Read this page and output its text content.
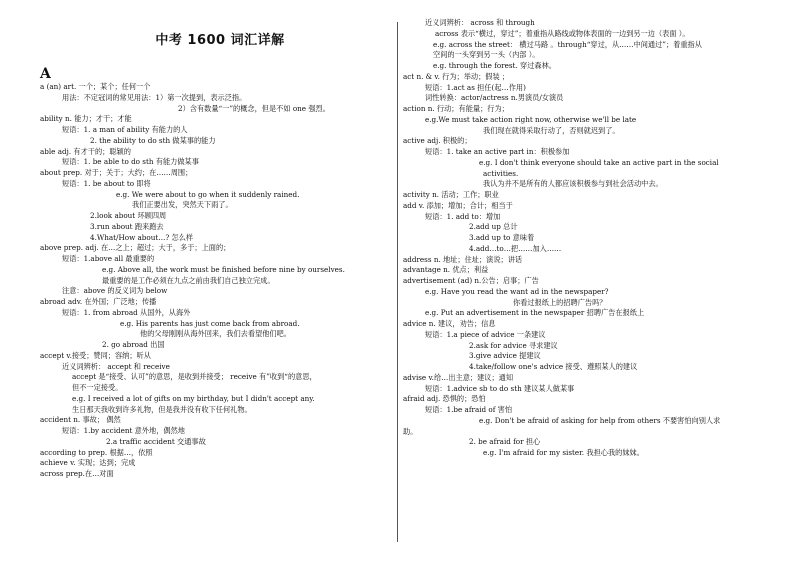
中考 1600 词汇详解
A
a (an) art. 一个；某个；任何一个
用法：不定冠词的常见用法：1）第一次提到，表示泛指。
2）含有数量“一”的概念，但是不如 one 强烈。
ability n. 能力；才干；才能
短语：1. a man of ability 有能力的人
2. the ability to do sth 做某事的能力
able adj. 有才干的；聪颖的
短语：1. be able to do sth 有能力做某事
about prep. 对于；关于；大约；在……周围；
短语：1. be about to 即将
e.g. We were about to go when it suddenly rained.
我们正要出发，突然天下雨了。
2.look about 环顾四周
3.run about 跑来跑去
4.What/How about…? 怎么样
above prep. adj. 在…之上；超过；大于，多于；上面的；
短语：1.above all 最重要的
e.g. Above all, the work must be finished before nine by ourselves.
最重要的是工作必须在九点之前由我们自己独立完成。
注意：above 的反义词为 below
abroad adv. 在外国；广泛地；传播
短语：1. from abroad 从国外，从海外
e.g. His parents has just come back from abroad.
他的父母刚刚从海外回来，我们去看望他们吧。
2. go abroad 出国
accept v.接受；赞同；容纳；听从
近义词辨析： accept 和 receive
accept 是“接受、认可”的意思，是收到并接受； receive 有”收到“的意思，
但不一定接受。
e.g. I received a lot of gifts on my birthday, but I didn't accept any.
生日那天我收到许多礼物，但是我并没有收下任何礼物。
accident n. 事故； 偶然
短语：1.by accident 意外地，偶然地
2.a traffic accident 交通事故
according to prep. 根据…，依照
achieve v. 实现；达到；完成
across prep.在…对面
近义词辨析： across 和 through
across 表示“横过，穿过”；着重指从路线或物体表面的一边到另一边（表面 ）。
e.g. across the street： 横过马路 。through“穿过，从……中间通过”；着重指从
空间的一头穿到另一头（内部 ）。
e.g. through the forest. 穿过森林。
act n. & v. 行为；举动；假装 ；
短语：1.act as 担任(起…作用)
词性转换：actor/actress n.男演员/女演员
action n. 行动；有能量；行为；
e.g.We must take action right now, otherwise we'll be late
我们现在就得采取行动了，否则就迟到了。
active adj. 积极的；
短语：1. take an active part in：积极参加
e.g. I don't think everyone should take an active part in the social
activities.
我认为并不是所有的人都应该积极参与到社会活动中去。
activity n. 活动；工作；职业
add v. 添加；增加；合计；相当于
短语：1. add to：增加
2.add up 总计
3.add up to 意味着
4.add…to…把……加入……
address n. 地址；住址；演说；讲话
advantage n. 优点；利益
advertisement (ad) n.公告；启事；广告
e.g. Have you read the want ad in the newspaper?
你看过报纸上的招聘广告吗？
e.g. Put an advertisement in the newspaper 招聘广告在报纸上
advice n. 建议，劝告；信息
短语：1.a piece of advice 一条建议
2.ask for advice 寻求建议
3.give advice 提建议
4.take/follow one's advice 接受、遵照某人的建议
advise v.给…出主意；建议；通知
短语：1.advice sb to do sth 建议某人做某事
afraid adj. 恐惧的；恐怕
短语：1.be afraid of 害怕
e.g. Don't be afraid of asking for help from others 不要害怕向别人求
助。
2. be afraid for 担心
e.g. I'm afraid for my sister. 我担心我的妹妹。
